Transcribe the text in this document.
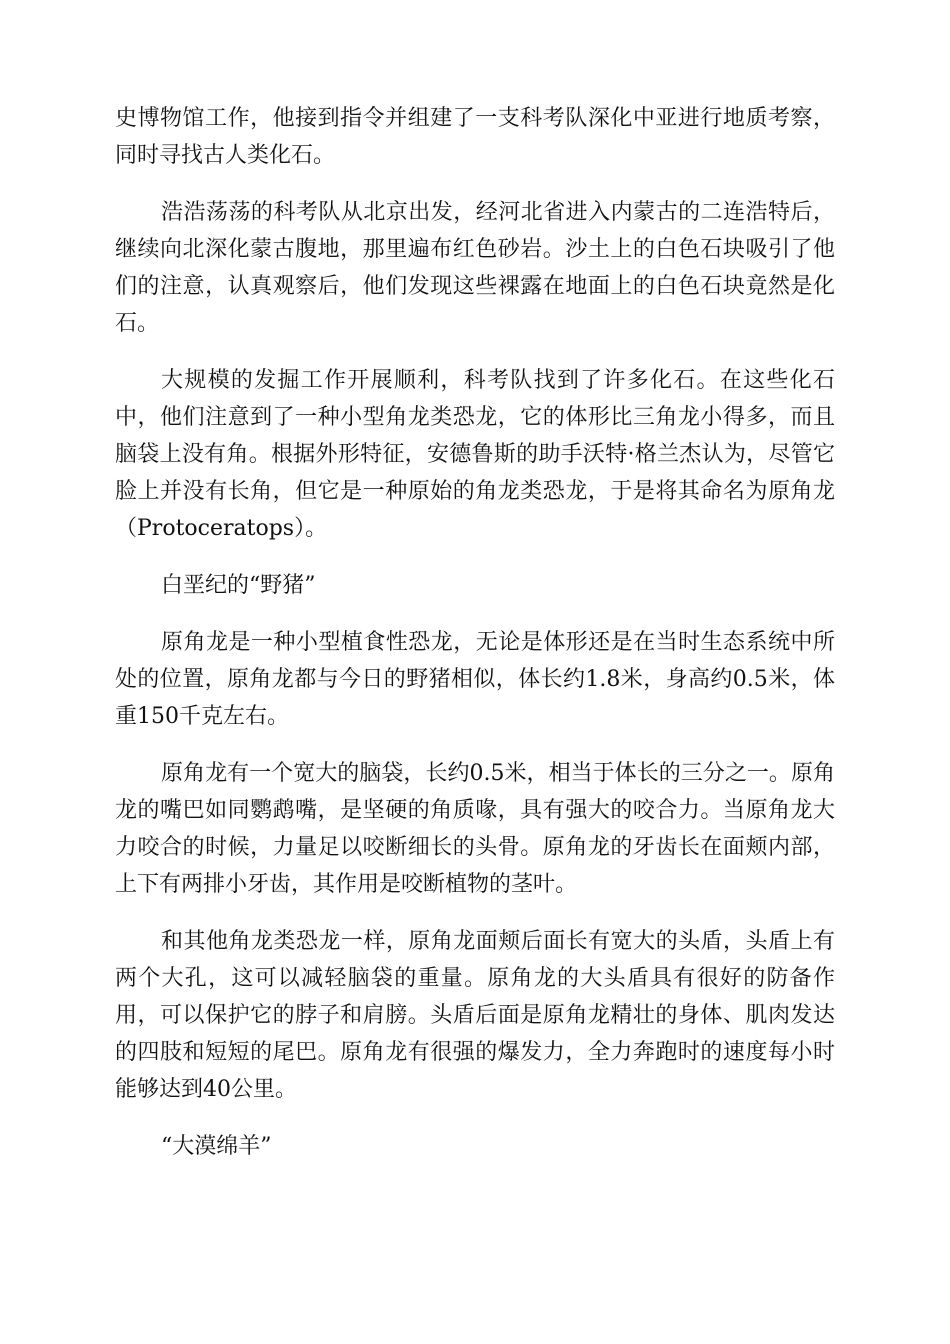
史博物馆工作，他接到指令并组建了一支科考队深化中亚进行地质考察，同时寻找古人类化石。

浩浩荡荡的科考队从北京出发，经河北省进入内蒙古的二连浩特后，继续向北深化蒙古腹地，那里遍布红色砂岩。沙土上的白色石块吸引了他们的注意，认真观察后，他们发现这些裸露在地面上的白色石块竟然是化石。

大规模的发掘工作开展顺利，科考队找到了许多化石。在这些化石中，他们注意到了一种小型角龙类恐龙，它的体形比三角龙小得多，而且脑袋上没有角。根据外形特征，安德鲁斯的助手沃特·格兰杰认为，尽管它脸上并没有长角，但它是一种原始的角龙类恐龙，于是将其命名为原角龙（Protoceratops）。

白垩纪的“野猪”

原角龙是一种小型植食性恐龙，无论是体形还是在当时生态系统中所处的位置，原角龙都与今日的野猪相似，体长约1.8米，身高约0.5米，体重150千克左右。

原角龙有一个宽大的脑袋，长约0.5米，相当于体长的三分之一。原角龙的嘴巴如同鹦鹉嘴，是坚硬的角质喙，具有强大的咬合力。当原角龙大力咬合的时候，力量足以咬断细长的头骨。原角龙的牙齿长在面颊内部，上下有两排小牙齿，其作用是咬断植物的茎叶。

和其他角龙类恐龙一样，原角龙面颊后面长有宽大的头盾，头盾上有两个大孔，这可以减轻脑袋的重量。原角龙的大头盾具有很好的防备作用，可以保护它的脖子和肩膀。头盾后面是原角龙精壮的身体、肌肉发达的四肢和短短的尾巴。原角龙有很强的爆发力，全力奔跑时的速度每小时能够达到40公里。

“大漠绵羊”
